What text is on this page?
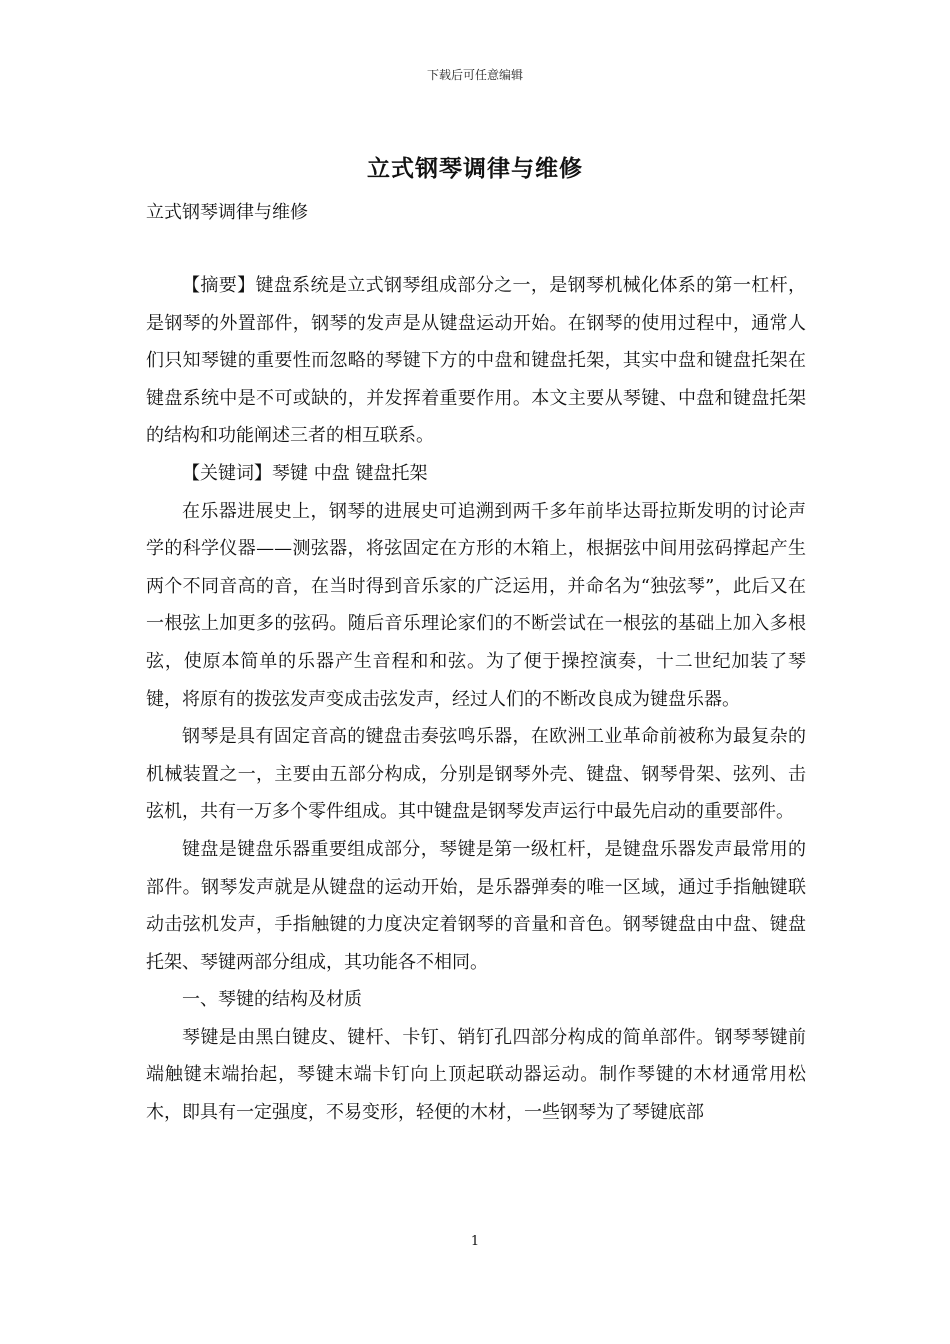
下载后可任意编辑
立式钢琴调律与维修
立式钢琴调律与维修

【摘要】键盘系统是立式钢琴组成部分之一，是钢琴机械化体系的第一杠杆，是钢琴的外置部件，钢琴的发声是从键盘运动开始。在钢琴的使用过程中，通常人们只知琴键的重要性而忽略的琴键下方的中盘和键盘托架，其实中盘和键盘托架在键盘系统中是不可或缺的，并发挥着重要作用。本文主要从琴键、中盘和键盘托架的结构和功能阐述三者的相互联系。

【关键词】琴键 中盘 键盘托架

在乐器进展史上，钢琴的进展史可追溯到两千多年前毕达哥拉斯发明的讨论声学的科学仪器——测弦器，将弦固定在方形的木箱上，根据弦中间用弦码撑起产生两个不同音高的音，在当时得到音乐家的广泛运用，并命名为“独弦琴”，此后又在一根弦上加更多的弦码。随后音乐理论家们的不断尝试在一根弦的基础上加入多根弦，使原本简单的乐器产生音程和和弦。为了便于操控演奏，十二世纪加装了琴键，将原有的拨弦发声变成击弦发声，经过人们的不断改良成为键盘乐器。

钢琴是具有固定音高的键盘击奏弦鸣乐器，在欧洲工业革命前被称为最复杂的机械装置之一，主要由五部分构成，分别是钢琴外壳、键盘、钢琴骨架、弦列、击弦机，共有一万多个零件组成。其中键盘是钢琴发声运行中最先启动的重要部件。

键盘是键盘乐器重要组成部分，琴键是第一级杠杆，是键盘乐器发声最常用的部件。钢琴发声就是从键盘的运动开始，是乐器弹奏的唯一区域，通过手指触键联动击弦机发声，手指触键的力度决定着钢琴的音量和音色。钢琴键盘由中盘、键盘托架、琴键两部分组成，其功能各不相同。

一、琴键的结构及材质

琴键是由黑白键皮、键杆、卡钉、销钉孔四部分构成的简单部件。钢琴琴键前端触键末端抬起，琴键末端卡钉向上顶起联动器运动。制作琴键的木材通常用松木，即具有一定强度，不易变形，轻便的木材，一些钢琴为了琴键底部

1
